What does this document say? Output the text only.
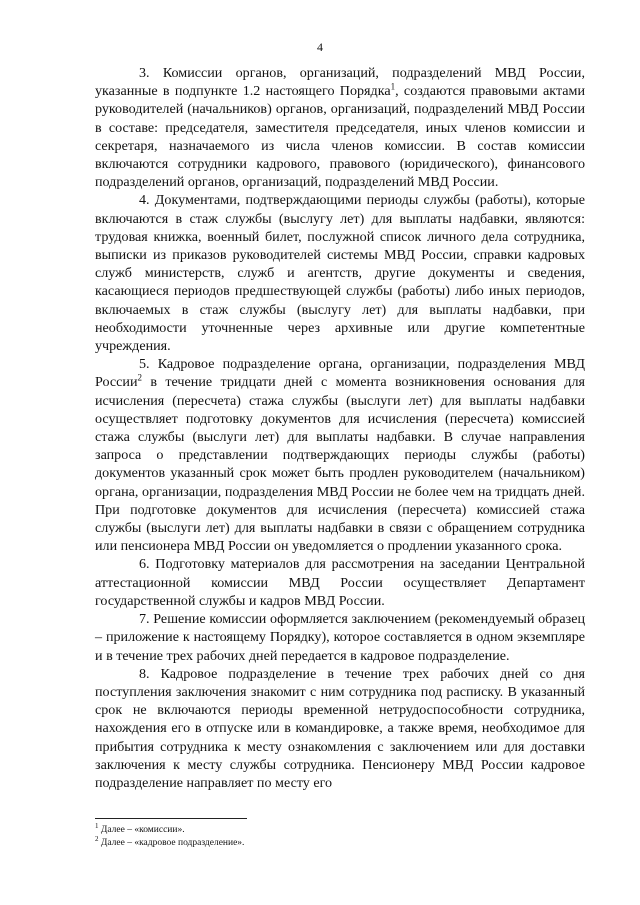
4

3. Комиссии органов, организаций, подразделений МВД России, указанные в подпункте 1.2 настоящего Порядка$^1$, создаются правовыми актами руководителей (начальников) органов, организаций, подразделений МВД России в составе: председателя, заместителя председателя, иных членов комиссии и секретаря, назначаемого из числа членов комиссии. В состав комиссии включаются сотрудники кадрового, правового (юридического), финансового подразделений органов, организаций, подразделений МВД России.

4. Документами, подтверждающими периоды службы (работы), которые включаются в стаж службы (выслугу лет) для выплаты надбавки, являются: трудовая книжка, военный билет, послужной список личного дела сотрудника, выписки из приказов руководителей системы МВД России, справки кадровых служб министерств, служб и агентств, другие документы и сведения, касающиеся периодов предшествующей службы (работы) либо иных периодов, включаемых в стаж службы (выслугу лет) для выплаты надбавки, при необходимости уточненные через архивные или другие компетентные учреждения.

5. Кадровое подразделение органа, организации, подразделения МВД России$^2$ в течение тридцати дней с момента возникновения основания для исчисления (пересчета) стажа службы (выслуги лет) для выплаты надбавки осуществляет подготовку документов для исчисления (пересчета) комиссией стажа службы (выслуги лет) для выплаты надбавки. В случае направления запроса о представлении подтверждающих периоды службы (работы) документов указанный срок может быть продлен руководителем (начальником) органа, организации, подразделения МВД России не более чем на тридцать дней. При подготовке документов для исчисления (пересчета) комиссией стажа службы (выслуги лет) для выплаты надбавки в связи с обращением сотрудника или пенсионера МВД России он уведомляется о продлении указанного срока.

6. Подготовку материалов для рассмотрения на заседании Центральной аттестационной комиссии МВД России осуществляет Департамент государственной службы и кадров МВД России.

7. Решение комиссии оформляется заключением (рекомендуемый образец – приложение к настоящему Порядку), которое составляется в одном экземпляре и в течение трех рабочих дней передается в кадровое подразделение.

8. Кадровое подразделение в течение трех рабочих дней со дня поступления заключения знакомит с ним сотрудника под расписку. В указанный срок не включаются периоды временной нетрудоспособности сотрудника, нахождения его в отпуске или в командировке, а также время, необходимое для прибытия сотрудника к месту ознакомления с заключением или для доставки заключения к месту службы сотрудника. Пенсионеру МВД России кадровое подразделение направляет по месту его

$^1$ Далее – «комиссии».

$^2$ Далее – «кадровое подразделение».
